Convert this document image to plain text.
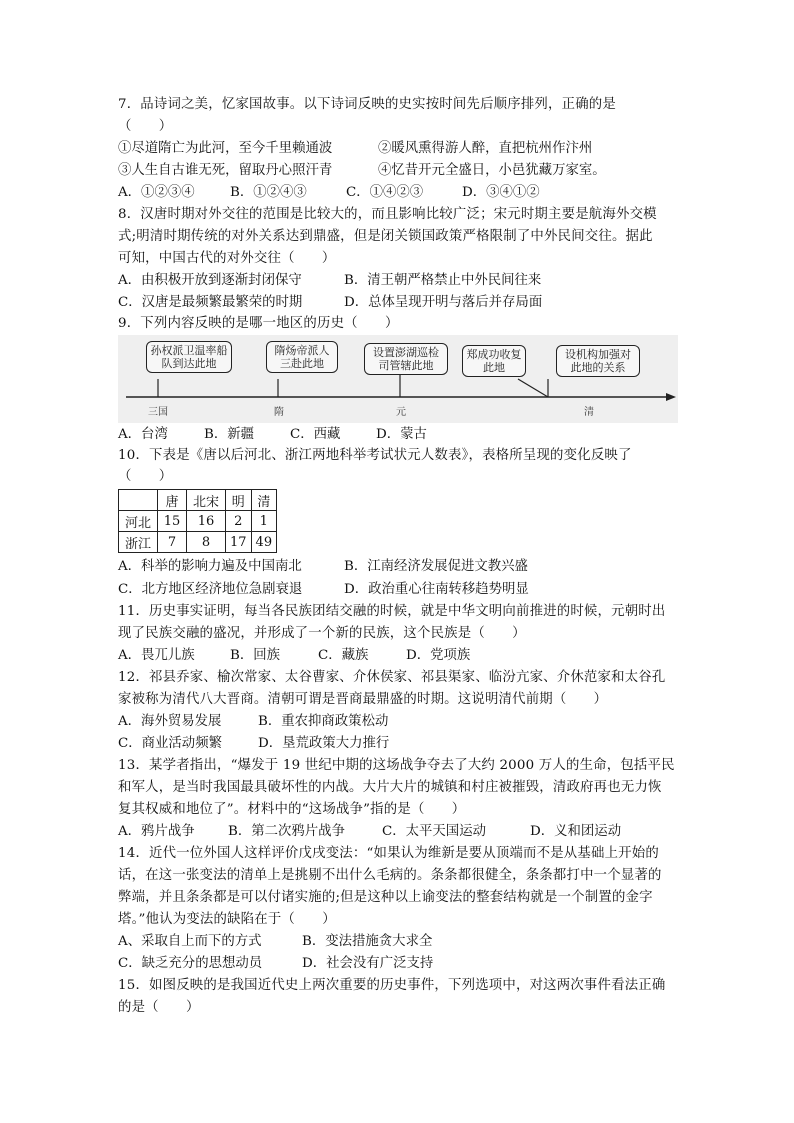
7．品诗词之美，忆家国故事。以下诗词反映的史实按时间先后顺序排列，正确的是
（　　）
①尽道隋亡为此河，至今千里赖通波	②暖风熏得游人醉，直把杭州作汴州
③人生自古谁无死，留取丹心照汗青	④忆昔开元全盛日，小邑犹藏万家室。
A．①②③④	B．①②④③	C．①④②③	D．③④①②
8．汉唐时期对外交往的范围是比较大的，而且影响比较广泛；宋元时期主要是航海外交模
式;明清时期传统的对外关系达到鼎盛，但是闭关锁国政策严格限制了中外民间交往。据此
可知，中国古代的对外交往（　　）
A．由积极开放到逐渐封闭保守	B．清王朝严格禁止中外民间往来
C．汉唐是最频繁最繁荣的时期	D．总体呈现开明与落后并存局面
9．下列内容反映的是哪一地区的历史（　　）
孙权派卫温率船队到达此地
隋炀帝派人三赴此地
设置澎湖巡检司管辖此地
郑成功收复此地
设机构加强对此地的关系
三国	隋	元	清
A．台湾	B．新疆	C．西藏	D．蒙古
10．下表是《唐以后河北、浙江两地科举考试状元人数表》，表格所呈现的变化反映了
（　　）
	唐	北宋	明	清
河北	15	16	2	1
浙江	7	8	17	49
A．科举的影响力遍及中国南北	B．江南经济发展促进文教兴盛
C．北方地区经济地位急剧衰退	D．政治重心往南转移趋势明显
11．历史事实证明，每当各民族团结交融的时候，就是中华文明向前推进的时候，元朝时出
现了民族交融的盛况，并形成了一个新的民族，这个民族是（　　）
A．畏兀儿族	B．回族	C．藏族	D．党项族
12．祁县乔家、榆次常家、太谷曹家、介休侯家、祁县渠家、临汾亢家、介休范家和太谷孔
家被称为清代八大晋商。清朝可谓是晋商最鼎盛的时期。这说明清代前期（　　）
A．海外贸易发展	B．重农抑商政策松动
C．商业活动频繁	D．垦荒政策大力推行
13．某学者指出，“爆发于 19 世纪中期的这场战争夺去了大约 2000 万人的生命，包括平民
和军人，是当时我国最具破坏性的内战。大片大片的城镇和村庄被摧毁，清政府再也无力恢
复其权威和地位了”。材料中的“这场战争”指的是（　　）
A．鸦片战争 B．第二次鸦片战争	C．太平天国运动	D．义和团运动
14．近代一位外国人这样评价戊戌变法：“如果认为维新是要从顶端而不是从基础上开始的
话，在这一张变法的清单上是挑剔不出什么毛病的。条条都很健全，条条都打中一个显著的
弊端，并且条条都是可以付诸实施的;但是这种以上谕变法的整套结构就是一个制置的金字
塔。”他认为变法的缺陷在于（　　）
A、采取自上而下的方式	B．变法措施贪大求全
C．缺乏充分的思想动员	D．社会没有广泛支持
15．如图反映的是我国近代史上两次重要的历史事件，下列选项中，对这两次事件看法正确
的是（　　）
